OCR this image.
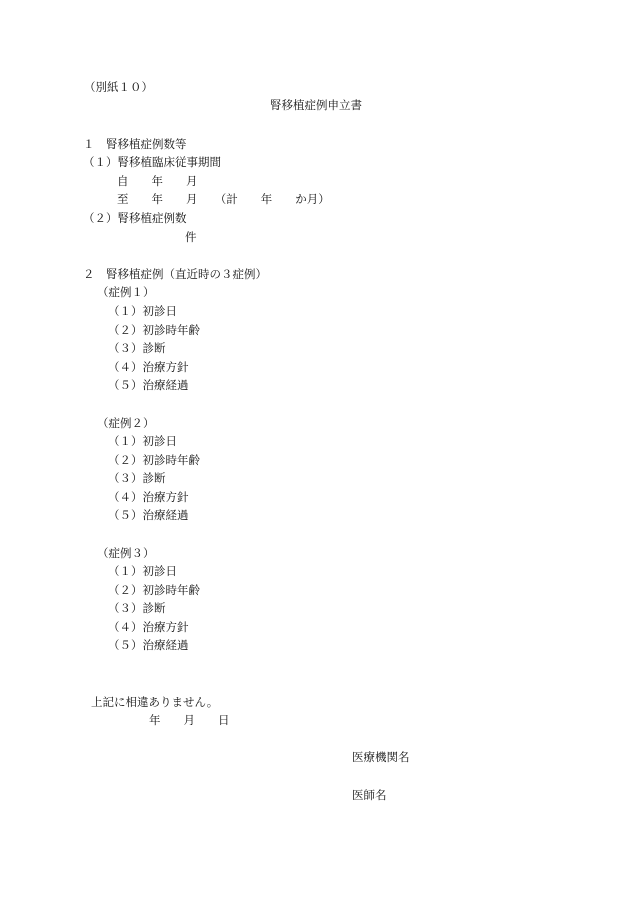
（別紙１０）
腎移植症例申立書
１　腎移植症例数等
（１）腎移植臨床従事期間
自　　年　　月
至　　年　　月　　（計　　年　　か月）
（２）腎移植症例数
件
２　腎移植症例（直近時の３症例）
（症例１）
（１）初診日
（２）初診時年齢
（３）診断
（４）治療方針
（５）治療経過
（症例２）
（１）初診日
（２）初診時年齢
（３）診断
（４）治療方針
（５）治療経過
（症例３）
（１）初診日
（２）初診時年齢
（３）診断
（４）治療方針
（５）治療経過
上記に相違ありません。
年　　月　　日
医療機関名
医師名
